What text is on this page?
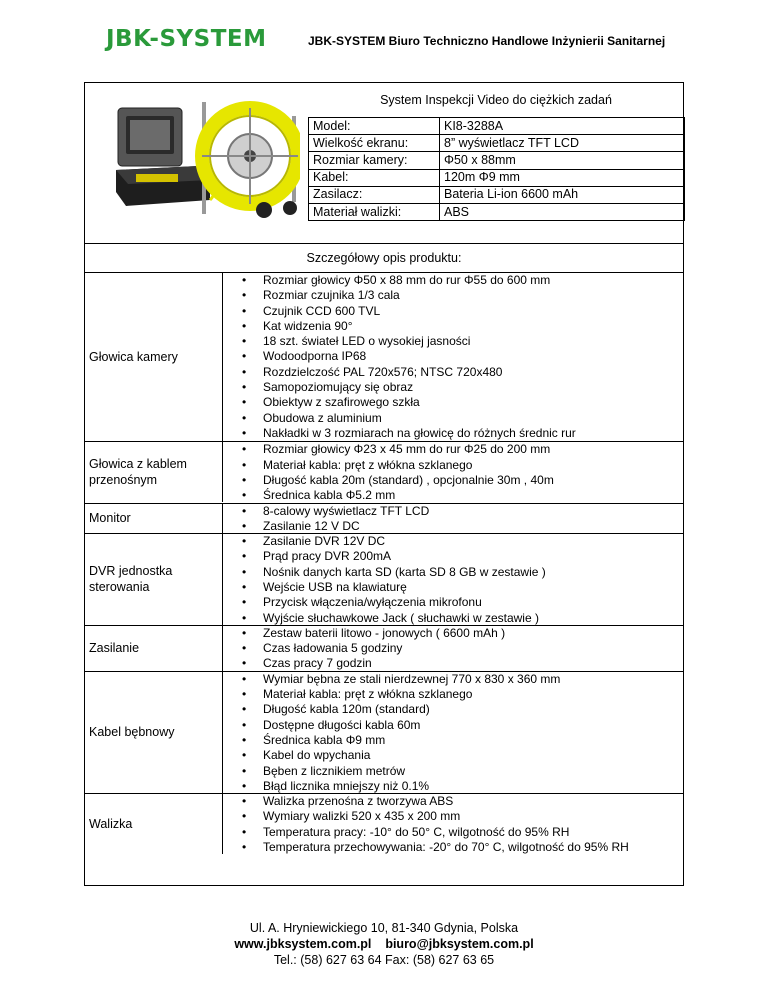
JBK-SYSTEM	JBK-SYSTEM Biuro Techniczno Handlowe Inżynierii Sanitarnej
System Inspekcji Video do ciężkich zadań
Model:	KI8-3288A
Wielkość ekranu:	8” wyświetlacz TFT LCD
Rozmiar kamery:	Φ50 x 88mm
Kabel:	120m Φ9 mm
Zasilacz:	Bateria Li-ion 6600 mAh
Materiał walizki:	ABS
Szczegółowy opis produktu:
Głowica kamery
• Rozmiar głowicy Φ50 x 88 mm do rur Φ55 do 600 mm
• Rozmiar czujnika 1/3 cala
• Czujnik CCD 600 TVL
• Kat widzenia 90°
• 18 szt. świateł LED o wysokiej jasności
• Wodoodporna IP68
• Rozdzielczość PAL 720x576; NTSC 720x480
• Samopoziomujący się obraz
• Obiektyw z szafirowego szkła
• Obudowa z aluminium
• Nakładki w 3 rozmiarach na głowicę do różnych średnic rur
Głowica z kablem przenośnym
• Rozmiar głowicy Φ23 x 45 mm do rur Φ25 do 200 mm
• Materiał kabla: pręt z włókna szklanego
• Długość kabla 20m (standard) , opcjonalnie 30m , 40m
• Średnica kabla Φ5.2 mm
Monitor
• 8-calowy wyświetlacz TFT LCD
• Zasilanie 12 V DC
DVR jednostka sterowania
• Zasilanie DVR 12V DC
• Prąd pracy DVR 200mA
• Nośnik danych karta SD (karta SD 8 GB w zestawie )
• Wejście USB na klawiaturę
• Przycisk włączenia/wyłączenia mikrofonu
• Wyjście słuchawkowe Jack ( słuchawki w zestawie )
Zasilanie
• Zestaw baterii litowo - jonowych ( 6600 mAh )
• Czas ładowania 5 godziny
• Czas pracy 7 godzin
Kabel bębnowy
• Wymiar bębna ze stali nierdzewnej 770 x 830 x 360 mm
• Materiał kabla: pręt z włókna szklanego
• Długość kabla 120m (standard)
• Dostępne długości kabla 60m
• Średnica kabla Φ9 mm
• Kabel do wpychania
• Bęben z licznikiem metrów
• Błąd licznika mniejszy niż 0.1%
Walizka
• Walizka przenośna z tworzywa ABS
• Wymiary walizki 520 x 435 x 200 mm
• Temperatura pracy: -10° do 50° C, wilgotność do 95% RH
• Temperatura przechowywania: -20° do 70° C, wilgotność do 95% RH
Ul. A. Hryniewickiego 10, 81-340 Gdynia, Polska
www.jbksystem.com.pl biuro@jbksystem.com.pl
Tel.: (58) 627 63 64 Fax: (58) 627 63 65
